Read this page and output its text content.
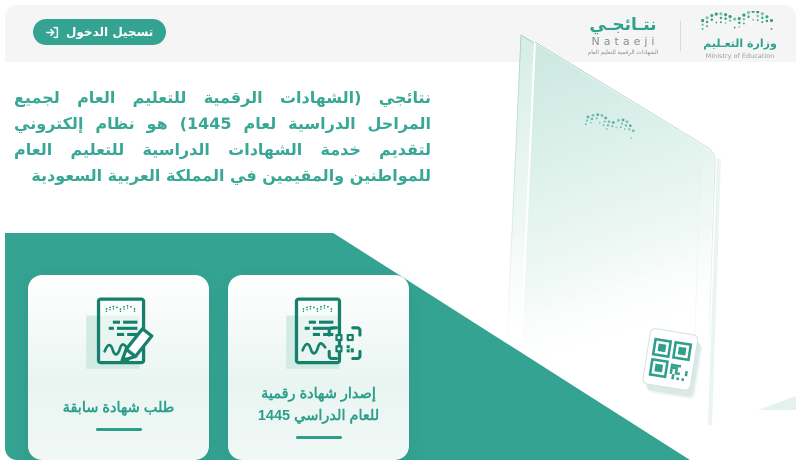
تسجيل الدخول	نتـائجـي
Nataeji
الشهادات الرقمية للتعليم العام
وزارة التعـليم
Ministry of Education

نتائجي (الشهادات الرقمية للتعليم العام لجميع المراحل الدراسية لعام 1445) هو نظام إلكتروني لتقديم خدمة الشهادات الدراسية للتعليم العام للمواطنين والمقيمين في المملكة العربية السعودية

طلب شهادة سابقة
إصدار شهادة رقمية
للعام الدراسي 1445
